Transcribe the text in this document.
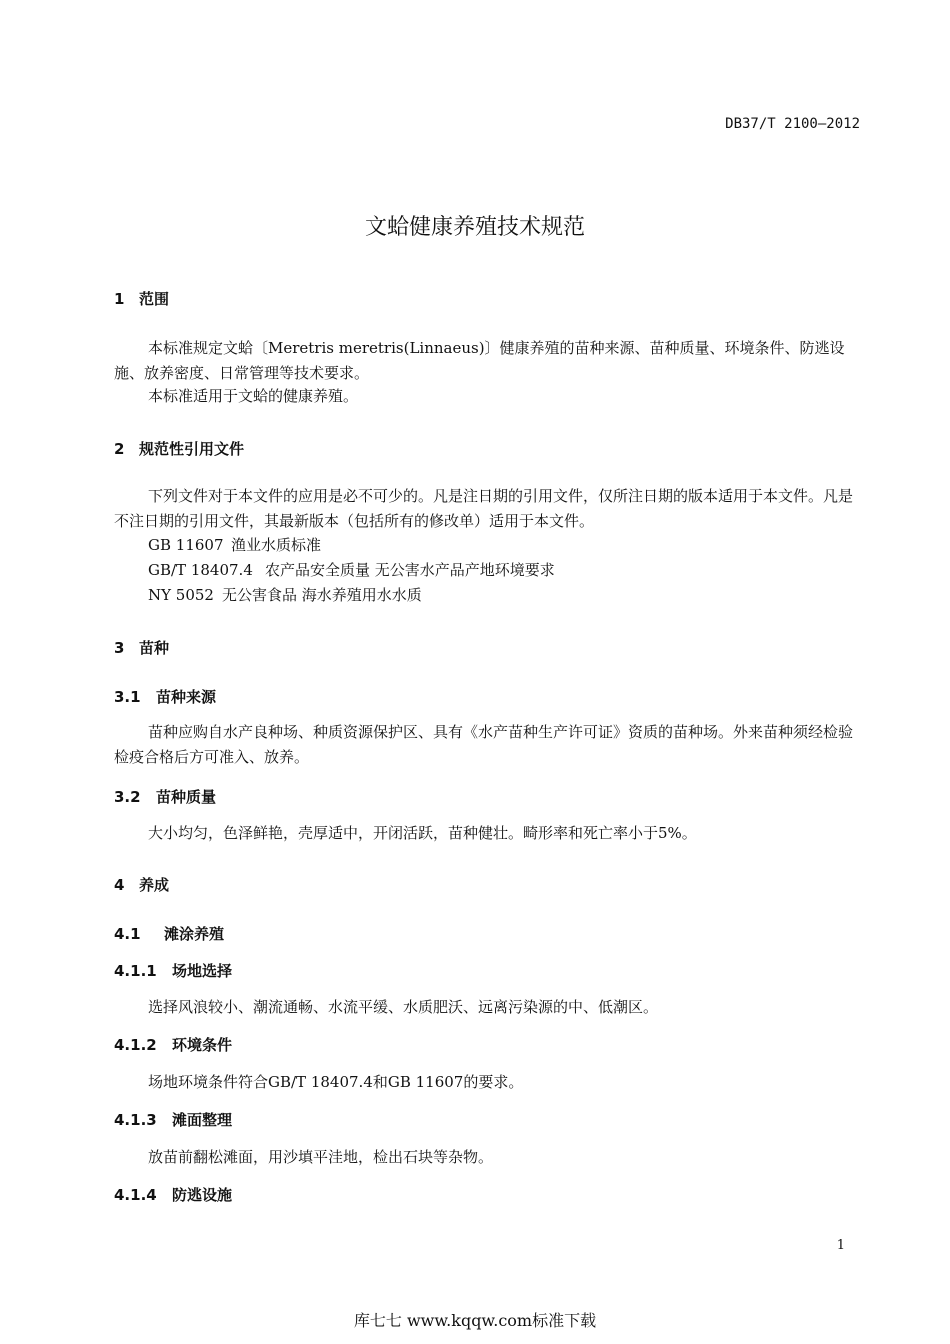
DB37/T 2100—2012
文蛤健康养殖技术规范
1 范围
本标准规定文蛤〔Meretris meretris(Linnaeus)〕健康养殖的苗种来源、苗种质量、环境条件、防逃设施、放养密度、日常管理等技术要求。
本标准适用于文蛤的健康养殖。
2 规范性引用文件
下列文件对于本文件的应用是必不可少的。凡是注日期的引用文件，仅所注日期的版本适用于本文件。凡是不注日期的引用文件，其最新版本（包括所有的修改单）适用于本文件。
GB 11607 渔业水质标准
GB/T 18407.4 农产品安全质量 无公害水产品产地环境要求
NY 5052 无公害食品 海水养殖用水水质
3 苗种
3.1 苗种来源
苗种应购自水产良种场、种质资源保护区、具有《水产苗种生产许可证》资质的苗种场。外来苗种须经检验检疫合格后方可准入、放养。
3.2 苗种质量
大小均匀，色泽鲜艳，壳厚适中，开闭活跃，苗种健壮。畸形率和死亡率小于5%。
4 养成
4.1 滩涂养殖
4.1.1 场地选择
选择风浪较小、潮流通畅、水流平缓、水质肥沃、远离污染源的中、低潮区。
4.1.2 环境条件
场地环境条件符合GB/T 18407.4和GB 11607的要求。
4.1.3 滩面整理
放苗前翻松滩面，用沙填平洼地，检出石块等杂物。
4.1.4 防逃设施
1
库七七 www.kqqw.com标准下载
